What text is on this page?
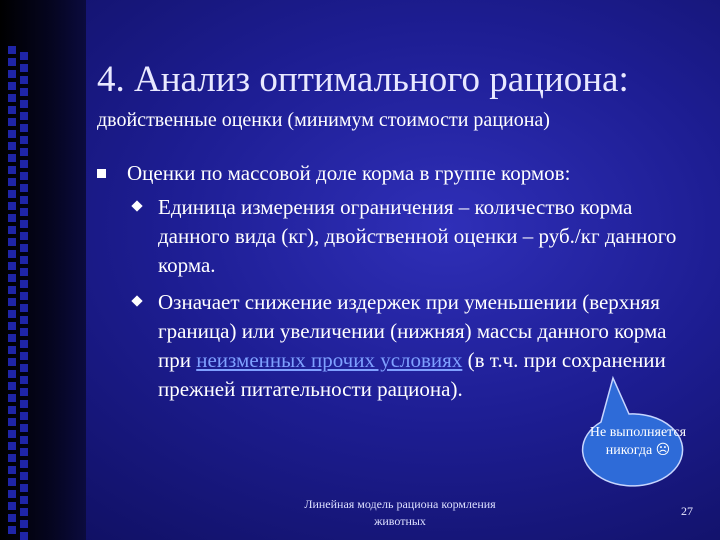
4. Анализ оптимального рациона:
двойственные оценки (минимум стоимости рациона)
Оценки по массовой доле корма в группе кормов:
Единица измерения ограничения – количество корма данного вида (кг), двойственной оценки – руб./кг данного корма.
Означает снижение издержек при уменьшении (верхняя граница) или увеличении (нижняя) массы данного корма при неизменных прочих условиях (в т.ч. при сохранении прежней питательности рациона).
Не выполняется никогда ☹
Линейная модель рациона кормления животных
27
